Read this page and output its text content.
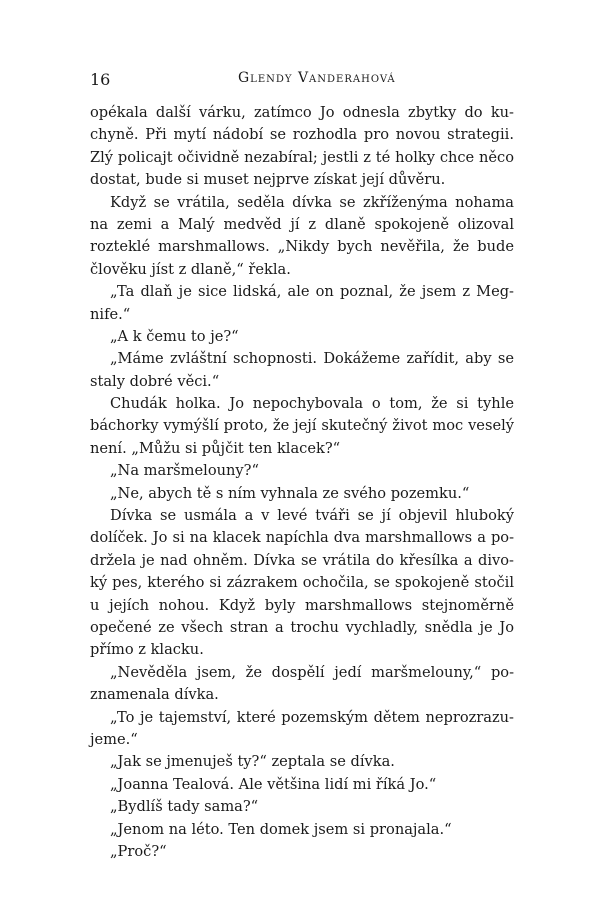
16	Glendy Vanderahová
opékala další várku, zatímco Jo odnesla zbytky do ku-
chyně. Při mytí nádobí se rozhodla pro novou strategii.
Zlý policajt očividně nezabíral; jestli z té holky chce něco
dostat, bude si muset nejprve získat její důvěru.
Když se vrátila, seděla dívka se zkříženýma nohama
na zemi a Malý medvěd jí z dlaně spokojeně olizoval
rozteklé marshmallows. „Nikdy bych nevěřila, že bude
člověku jíst z dlaně,“ řekla.
„Ta dlaň je sice lidská, ale on poznal, že jsem z Meg-
nife.“
„A k čemu to je?“
„Máme zvláštní schopnosti. Dokážeme zařídit, aby se
staly dobré věci.“
Chudák holka. Jo nepochybovala o tom, že si tyhle
báchorky vymýšlí proto, že její skutečný život moc veselý
není. „Můžu si půjčit ten klacek?“
„Na maršmelouny?“
„Ne, abych tě s ním vyhnala ze svého pozemku.“
Dívka se usmála a v levé tváři se jí objevil hluboký
dolíček. Jo si na klacek napíchla dva marshmallows a po-
držela je nad ohněm. Dívka se vrátila do křesílka a divo-
ký pes, kterého si zázrakem ochočila, se spokojeně stočil
u jejích nohou. Když byly marshmallows stejnoměrně
opečené ze všech stran a trochu vychladly, snědla je Jo
přímo z klacku.
„Nevěděla jsem, že dospělí jedí maršmelouny,“ po-
znamenala dívka.
„To je tajemství, které pozemským dětem neprozrazu-
jeme.“
„Jak se jmenuješ ty?“ zeptala se dívka.
„Joanna Tealová. Ale většina lidí mi říká Jo.“
„Bydlíš tady sama?“
„Jenom na léto. Ten domek jsem si pronajala.“
„Proč?“
